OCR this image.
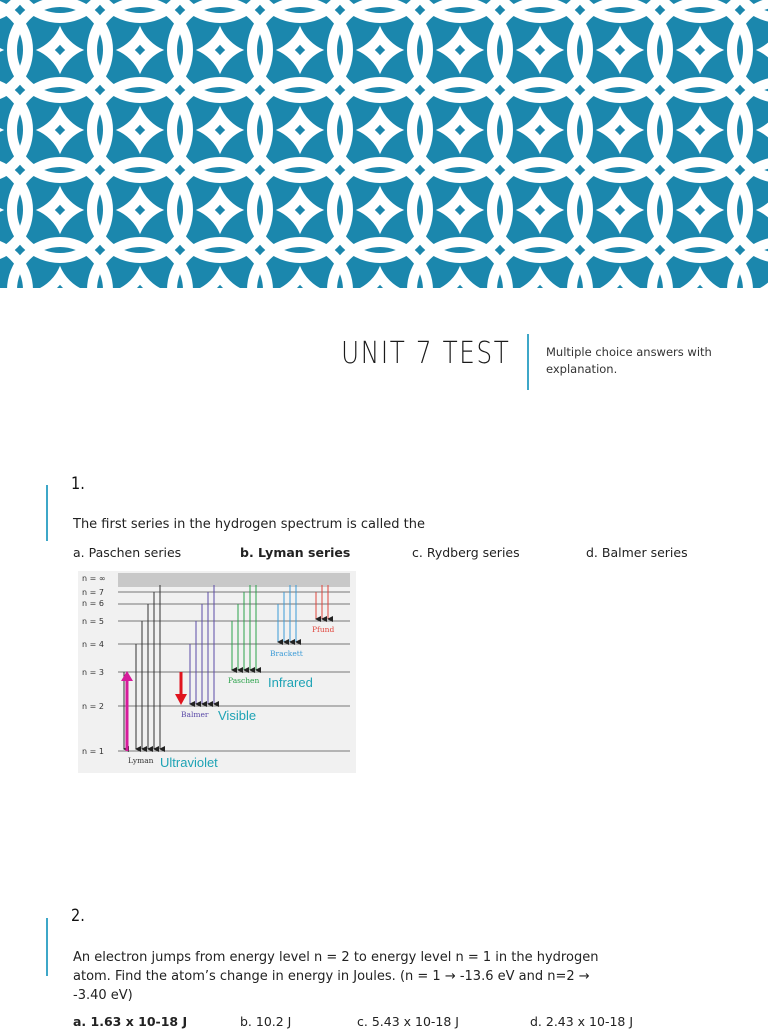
UNIT 7 TEST	Multiple choice answers with explanation.
1.
The first series in the hydrogen spectrum is called the
a. Paschen series	b. Lyman series	c. Rydberg series	d. Balmer series
n = ∞
n = 7
n = 6
n = 5
n = 4
n = 3
n = 2
n = 1
Lyman
Balmer
Paschen
Brackett
Pfund
Ultraviolet
Visible
Infrared
2.
An electron jumps from energy level n = 2 to energy level n = 1 in the hydrogen
atom. Find the atom’s change in energy in Joules. (n = 1 → -13.6 eV and n=2 →
-3.40 eV)
a. 1.63 x 10-18 J	b. 10.2 J	c. 5.43 x 10-18 J	d. 2.43 x 10-18 J
